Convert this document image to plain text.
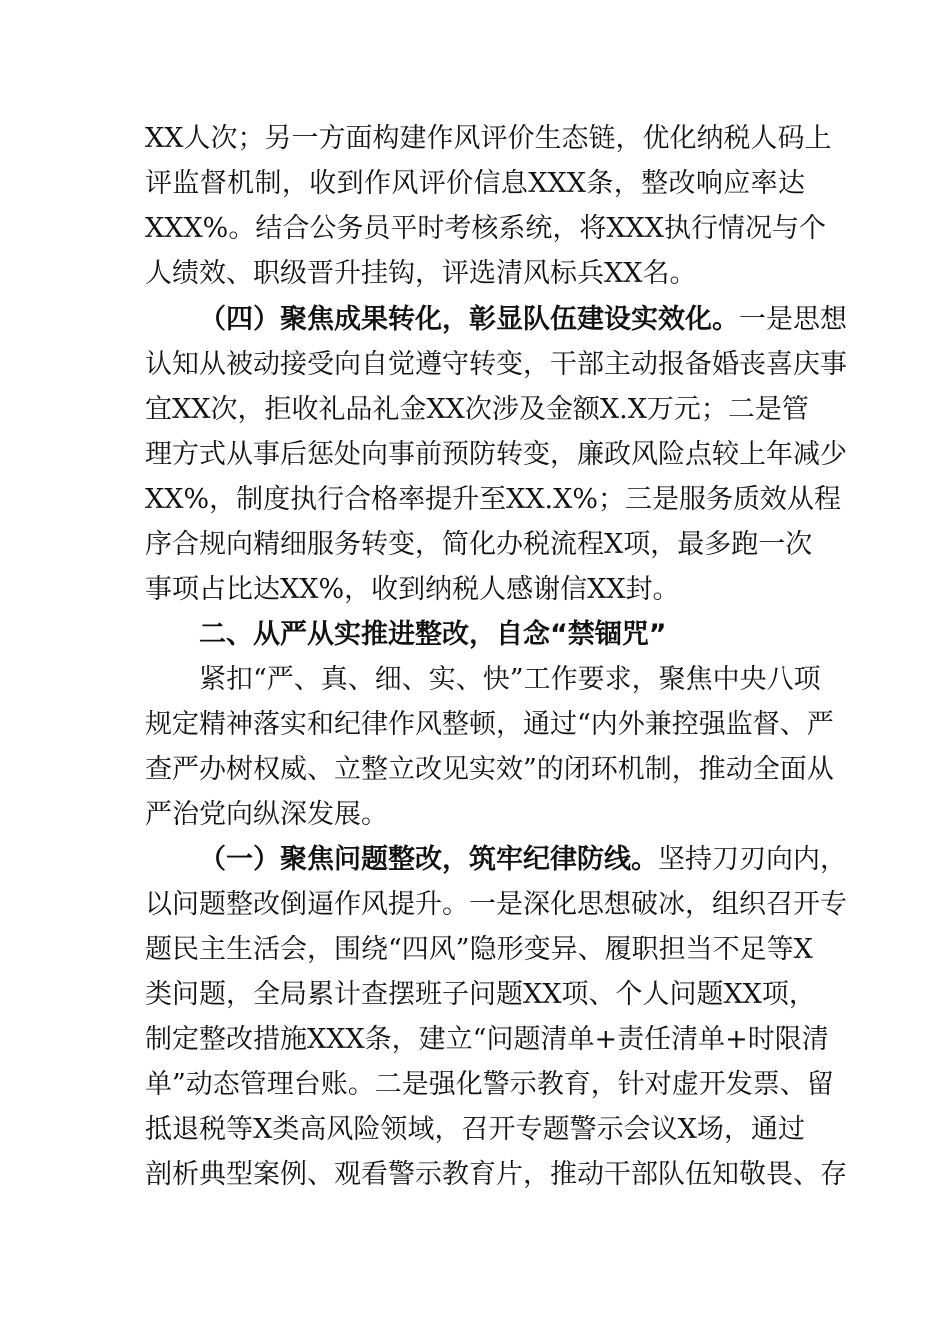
XX人次；另一方面构建作风评价生态链，优化纳税人码上
评监督机制，收到作风评价信息XXX条，整改响应率达
XXX%。结合公务员平时考核系统，将XXX执行情况与个
人绩效、职级晋升挂钩，评选清风标兵XX名。
（四）聚焦成果转化，彰显队伍建设实效化。一是思想
认知从被动接受向自觉遵守转变，干部主动报备婚丧喜庆事
宜XX次，拒收礼品礼金XX次涉及金额X.X万元；二是管
理方式从事后惩处向事前预防转变，廉政风险点较上年减少
XX%，制度执行合格率提升至XX.X%；三是服务质效从程
序合规向精细服务转变，简化办税流程X项，最多跑一次
事项占比达XX%，收到纳税人感谢信XX封。
二、从严从实推进整改，自念“禁锢咒”
紧扣“严、真、细、实、快”工作要求，聚焦中央八项
规定精神落实和纪律作风整顿，通过“内外兼控强监督、严
查严办树权威、立整立改见实效”的闭环机制，推动全面从
严治党向纵深发展。
（一）聚焦问题整改，筑牢纪律防线。坚持刀刃向内，
以问题整改倒逼作风提升。一是深化思想破冰，组织召开专
题民主生活会，围绕“四风”隐形变异、履职担当不足等X
类问题，全局累计查摆班子问题XX项、个人问题XX项，
制定整改措施XXX条，建立“问题清单+责任清单+时限清
单”动态管理台账。二是强化警示教育，针对虚开发票、留
抵退税等X类高风险领域，召开专题警示会议X场，通过
剖析典型案例、观看警示教育片，推动干部队伍知敬畏、存
